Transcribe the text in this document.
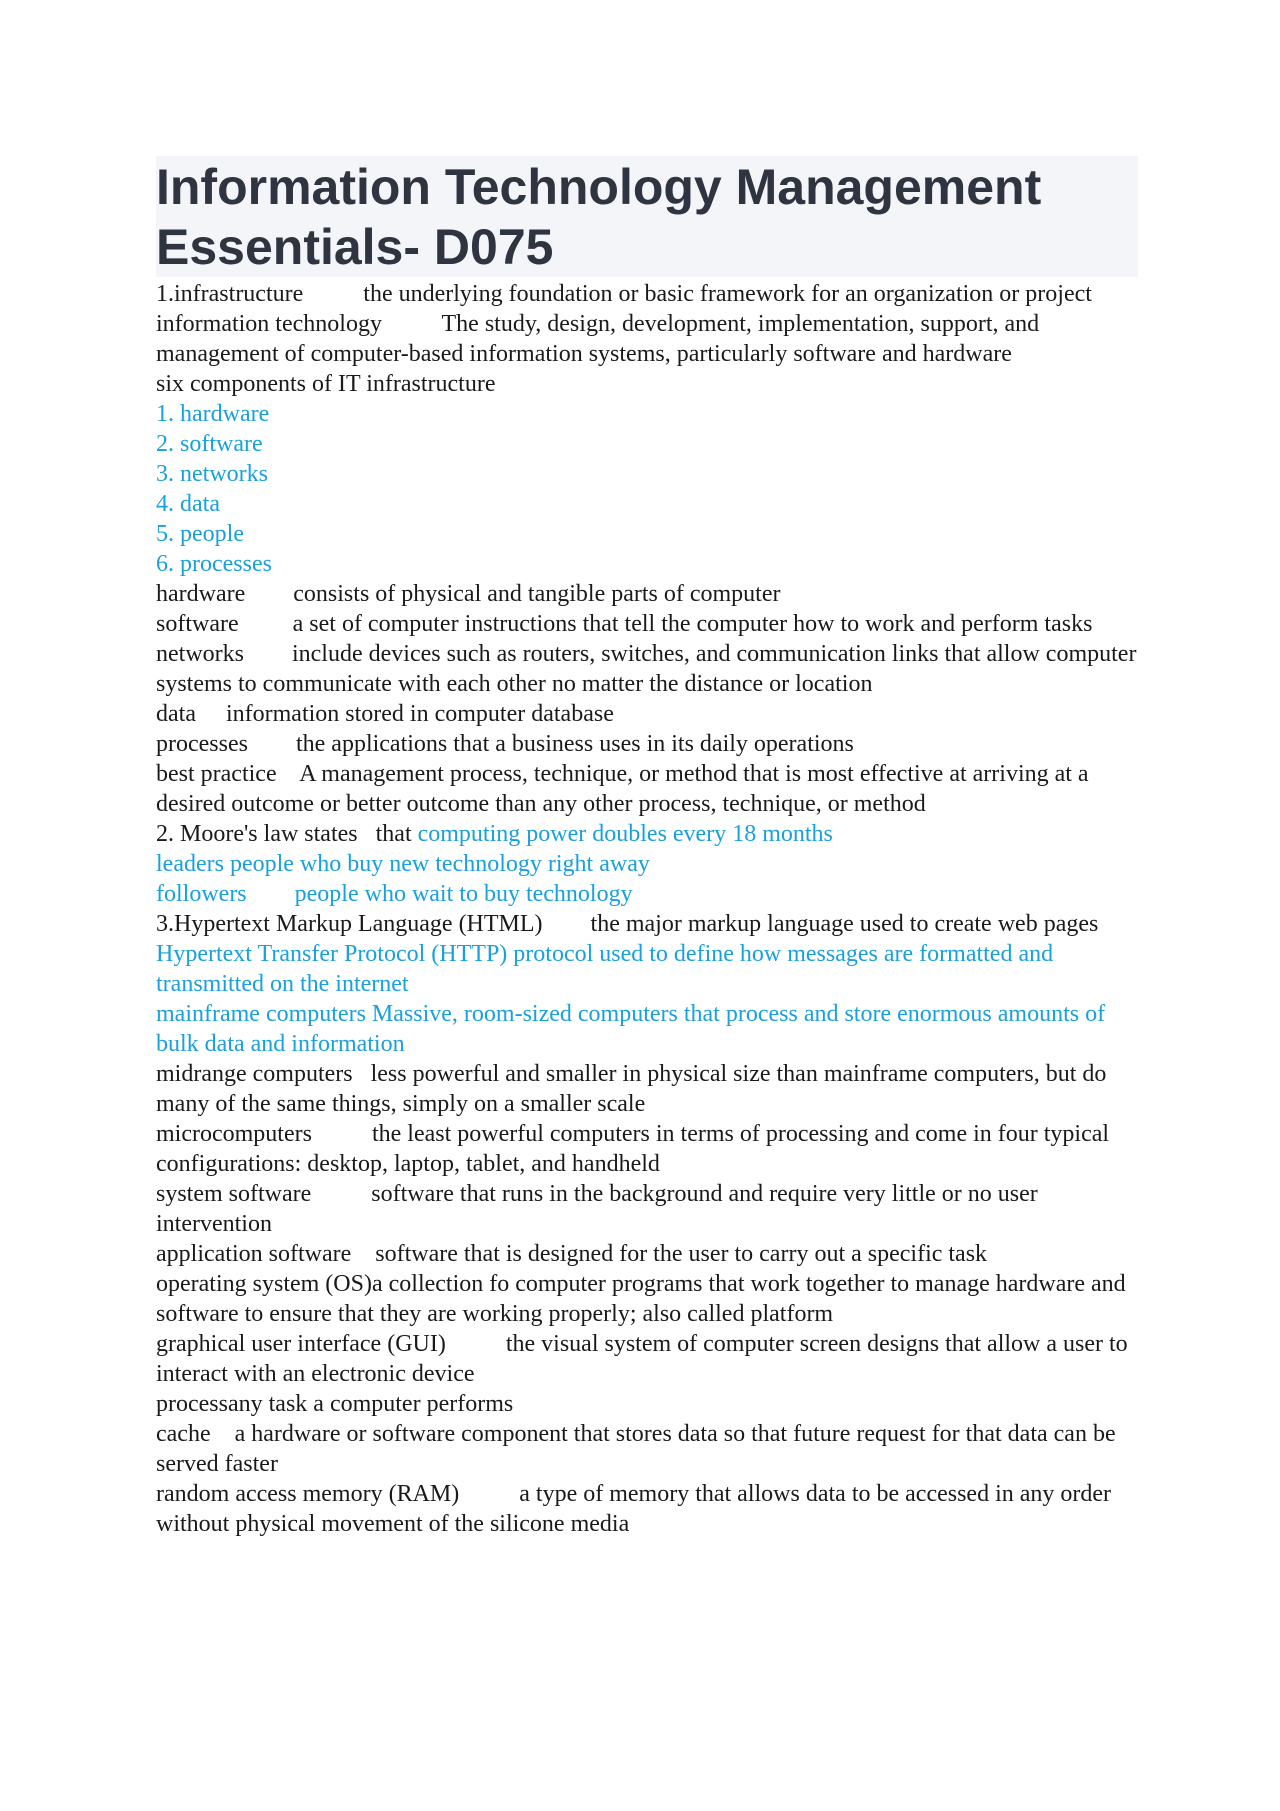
Information Technology Management
Essentials- D075

1.infrastructure          the underlying foundation or basic framework for an organization or project

information technology          The study, design, development, implementation, support, and management of computer-based information systems, particularly software and hardware

six components of IT infrastructure

1. hardware

2. software

3. networks

4. data

5. people

6. processes

hardware        consists of physical and tangible parts of computer

software         a set of computer instructions that tell the computer how to work and perform tasks

networks        include devices such as routers, switches, and communication links that allow computer systems to communicate with each other no matter the distance or location

data     information stored in computer database

processes        the applications that a business uses in its daily operations

best practice    A management process, technique, or method that is most effective at arriving at a desired outcome or better outcome than any other process, technique, or method

2. Moore's law states   that computing power doubles every 18 months

leaders people who buy new technology right away

followers        people who wait to buy technology

3.Hypertext Markup Language (HTML)        the major markup language used to create web pages

Hypertext Transfer Protocol (HTTP) protocol used to define how messages are formatted and transmitted on the internet

mainframe computers Massive, room-sized computers that process and store enormous amounts of bulk data and information

midrange computers   less powerful and smaller in physical size than mainframe computers, but do many of the same things, simply on a smaller scale

microcomputers          the least powerful computers in terms of processing and come in four typical configurations: desktop, laptop, tablet, and handheld

system software          software that runs in the background and require very little or no user intervention

application software    software that is designed for the user to carry out a specific task

operating system (OS)a collection fo computer programs that work together to manage hardware and software to ensure that they are working properly; also called platform

graphical user interface (GUI)          the visual system of computer screen designs that allow a user to interact with an electronic device

processany task a computer performs

cache    a hardware or software component that stores data so that future request for that data can be served faster

random access memory (RAM)          a type of memory that allows data to be accessed in any order without physical movement of the silicone media
